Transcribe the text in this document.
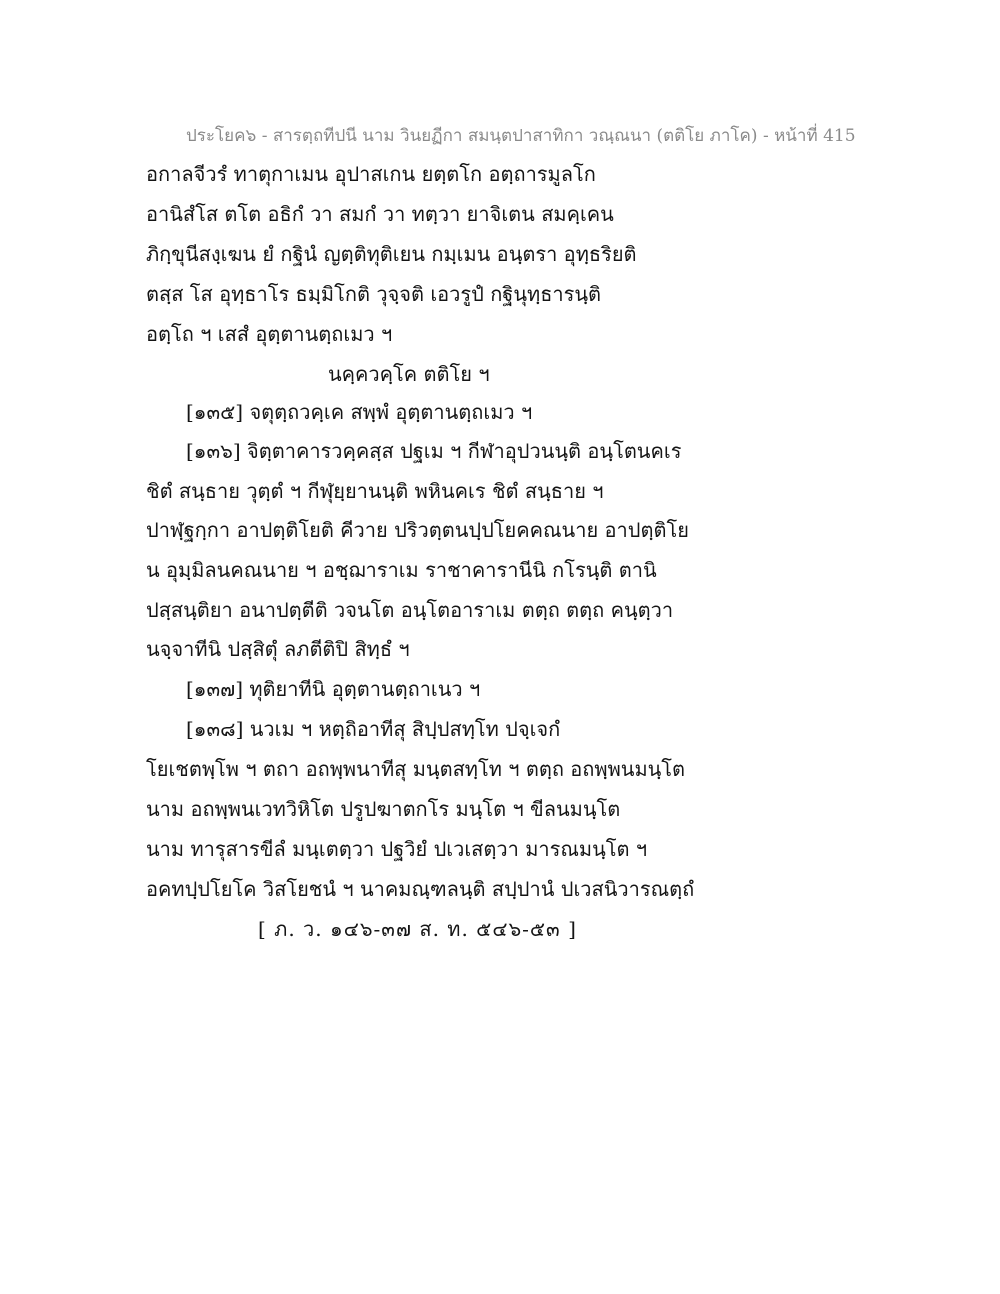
ประโยค๖ - สารตฺถทีปนี นาม วินยฏีกา สมนฺตปาสาทิกา วณฺณนา (ตติโย ภาโค) - หน้าที่ 415
อกาลจีวรํ ทาตุกาเมน อุปาสเกน ยตฺตโก อตฺถารมูลโก
อานิสํโส ตโต อธิกํ วา สมกํ วา ทตฺวา ยาจิเตน สมคฺเคน
ภิกฺขุนีสงฺเฆน ยํ กฐินํ ญตฺติทุติเยน กมฺเมน อนฺตรา อุทฺธริยติ
ตสฺส โส อุทฺธาโร ธมฺมิโกติ วุจฺจติ เอวรูปํ กฐินุทฺธารนฺติ
อตฺโถ ฯ เสสํ อุตฺตานตฺถเมว ฯ
นคฺควคฺโค ตติโย ฯ
[๑๓๕] จตุตฺถวคฺเค สพฺพํ อุตฺตานตฺถเมว ฯ
[๑๓๖] จิตฺตาคารวคฺคสฺส ปฐเม ฯ กีฬาอุปวนนฺติ อนฺโตนคเร
ชิตํ สนฺธาย วุตฺตํ ฯ กีฬุยฺยานนฺติ พหินคเร ชิตํ สนฺธาย ฯ
ปาฬฺฐกฺกา อาปตฺติโยติ คีวาย ปริวตฺตนปฺปโยคคณนาย อาปตฺติโย
น อุมฺมิลนคณนาย ฯ อชฺฌาราเม ราชาคารานีนิ กโรนฺติ ตานิ
ปสฺสนฺติยา อนาปตฺตีติ วจนโต อนฺโตอาราเม ตตฺถ ตตฺถ คนฺตฺวา
นจฺจาทีนิ ปสฺสิตุํ ลภตีติปิ สิทฺธํ ฯ
[๑๓๗] ทุติยาทีนิ อุตฺตานตฺถาเนว ฯ
[๑๓๘] นวเม ฯ หตฺถิอาทีสุ สิปฺปสทฺโท ปจฺเจกํ
โยเชตพฺโพ ฯ ตถา อถพฺพนาทีสุ มนฺตสทฺโท ฯ ตตฺถ อถพฺพนมนฺโต
นาม อถพฺพนเวทวิหิโต ปรูปฆาตกโร มนฺโต ฯ ขีลนมนฺโต
นาม ทารุสารขีลํ มนฺเตตฺวา ปฐวิยํ ปเวเสตฺวา มารณมนฺโต ฯ
อคทปฺปโยโค วิสโยชนํ ฯ นาคมณฺฑลนฺติ สปฺปานํ ปเวสนิวารณตฺถํ
[ ภ. ว. ๑๔๖-๓๗ ส. ท. ๕๔๖-๕๓ ]
